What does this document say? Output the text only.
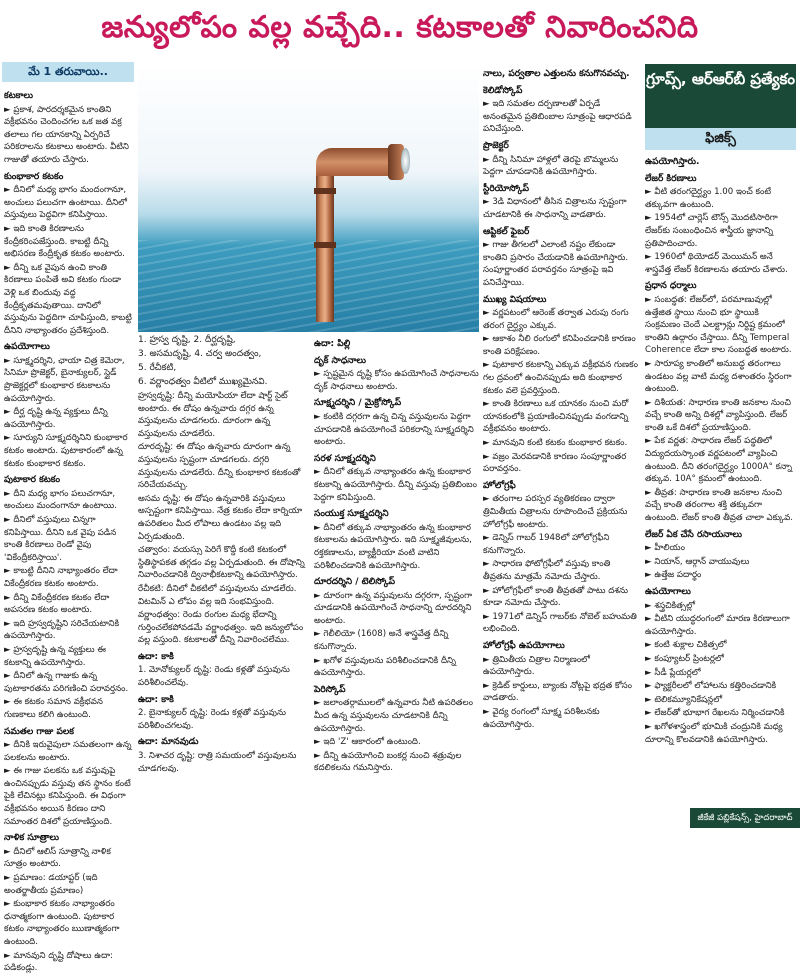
జన్యులోపం వల్ల వచ్చేది.. కటకాలతో నివారించనిది
మే 1 తరువాయి..
కటకాలు

► ప్రకాశ, పారదర్శకమైన కాంతిని వక్రీభవనం చెందించగల ఒక జత వక్ర తలాలు గల యానకాన్ని ఏర్పరిచే పరికరాలను కటకాలు అంటారు. వీటిని గాజుతో తయారు చేస్తారు.

కుంభాకార కటకం

► దీనిలో మధ్య భాగం మందంగానూ, అంచులు పలుచగా ఉంటాయి. దీనిలో వస్తువులు పెద్దవిగా కనిపిస్తాయి.

► ఇది కాంతి కిరణాలను కేంద్రీకరింపజేస్తుంది. కాబట్టి దీన్ని అభిసరణ కేంద్రీకృత కటకం అంటారు.

► దీన్ని ఒక వైపున ఉంచి కాంతి కిరణాలు పంపితే అవి కటకం గుండా వెళ్లి ఒక బిందువు వద్ద కేంద్రీకృతమవుతాయి. దానిలో వస్తువును పెద్దదిగా చూపిస్తుంది, కాబట్టి దీనిని నాభ్యాంతరం ప్రదేశిస్తుంది.

ఉపయోగాలు

► సూక్ష్మదర్శిని, ఛాయా చిత్ర కెమెరా, సినిమా ప్రొజెక్టర్, బైనాక్యులర్, స్లైడ్ ప్రొజెక్టర్లలో కుంభాకార కటకాలను ఉపయోగిస్తారు.

► దీర్ఘ దృష్టి ఉన్న వ్యక్తులు దీన్ని ఉపయోగిస్తారు.

► సూర్యుని సూక్ష్మదర్శినిని కుంభాకార కటకం అంటారు. పుటాకారంలో ఉన్న కటకం కుంభాకార కటకం.

పుటాకార కటకం

► దీని మధ్య భాగం పలుచగానూ, అంచులు మందంగానూ ఉంటాయి.

► దీనిలో వస్తువులు చిన్నగా కనిపిస్తాయి. దీనిని ఒక వైపు పడిన కాంతి కిరణాలు రెండో వైపు 'వికేంద్రీకరిస్తాయి'.

► కాబట్టి దీనిని నాభ్యాంతరం లేదా వికేంద్రీకరణ కటకం అంటారు.

► దీన్ని వికేంద్రీకరణ కటకం లేదా అపసరణ కటకం అంటారు.

► ఇది హ్రస్వదృష్టిని సరిచేయటానికి ఉపయోగిస్తారు.

► హ్రస్వదృష్టి ఉన్న వ్యక్తులు ఈ కటకాన్ని ఉపయోగిస్తారు.

► దీనిలో ఉన్న గాజుకు ఉన్న పుటాకారతను పరిగణించి పరావర్తనం.

► ఈ కటకం సమాన వక్రీభవన గుణకాలు కలిగి ఉంటుంది.

సమతల గాజు పలక

► దీనికి ఇరువైపులా సమతలంగా ఉన్న పలకలను అంటారు.

► ఈ గాజు పలకను ఒక వస్తువుపై ఉంచినప్పుడు వస్తువు తన స్థానం కంటే పైకి లేచినట్లు కనిపిస్తుంది. ఈ విధంగా వక్రీభవనం అయిన కిరణం దాని సమాంతర దిశలో ప్రయాణిస్తుంది.

నాళిక సూత్రాలు

► దీనిలో ఆలిస్ సూత్రాన్ని నాళిక సూత్రం అంటారు.

► ప్రమాణం: డయాప్టర్ (ఇది అంతర్జాతీయ ప్రమాణం)

► కుంభాకార కటకం నాభ్యాంతరం ధనాత్మకంగా ఉంటుంది. పుటాకార కటకం నాభ్యాంతరం ఋణాత్మకంగా ఉంటుంది.

► మానవుని దృష్టి దోషాలు ఉదా: పడికండ్లు.

1. హ్రస్వ దృష్టి, 2. దీర్ఘదృష్టి,

3. అసమదృష్టి, 4. చర్వ అందత్వం,

5. రేచీకటి,

6. వర్ణాంధత్వం వీటిలో ముఖ్యమైనవి.

హ్రస్వదృష్టి: దీన్ని మయోపియా లేదా షార్ట్ సైట్ అంటారు. ఈ దోషం ఉన్నవారు దగ్గర ఉన్న వస్తువులను చూడగలరు. దూరంగా ఉన్న వస్తువులను చూడలేరు.

దూరదృష్టి: ఈ దోషం ఉన్నవారు దూరంగా ఉన్న వస్తువులను స్పష్టంగా చూడగలరు. దగ్గరి వస్తువులను చూడలేరు. దీన్ని కుంభాకార కటకంతో సరిచేయవచ్చు.

అసమ దృష్టి: ఈ దోషం ఉన్నవారికి వస్తువులు అస్పష్టంగా కనిపిస్తాయి. నేత్ర కటకం లేదా కార్నియా ఉపరితలం మీద లోపాలు ఉండటం వల్ల ఇది ఏర్పడుతుంది.

చత్వారం: వయస్సు పెరిగే కొద్దీ కంటి కటకంలో స్థితిస్థాపకత తగ్గడం వల్ల ఏర్పడుతుంది. ఈ దోషాన్ని నివారించడానికి ద్వినాభీకటకాన్ని ఉపయోగిస్తారు.

రేచీకటి: దీనిలో చీకటిలో వస్తువులను చూడలేరు. విటమిన్ ఎ లోపం వల్ల ఇది సంభవిస్తుంది.

వర్ణాంధత్వం: రెండు రంగుల మధ్య భేదాన్ని గుర్తించలేకపోవడమే వర్ణాంధత్వం. ఇది జన్యులోపం వల్ల వస్తుంది. కటకాలతో దీన్ని నివారించలేము.

ఉదా: కాకి

1. మోనోక్యులర్ దృష్టి: రెండు కళ్లతో వస్తువును పరిశీలించలేవు.

ఉదా: కాకి

2. బైనాక్యులర్ దృష్టి: రెండు కళ్లతో వస్తువును పరిశీలించగలవు.

ఉదా: మానవుడు

3. నిశాచర దృష్టి: రాత్రి సమయంలో వస్తువులను చూడగలవు.

ఉదా: పిల్లి
దృక్ సాధనాలు

► స్పష్టమైన దృష్టి కోసం ఉపయోగించే సాధనాలను దృక్ సాధనాలు అంటారు.

సూక్ష్మదర్శిని / మైక్రోస్కోప్

► కంటికి దగ్గరగా ఉన్న చిన్న వస్తువులను పెద్దగా చూపడానికి ఉపయోగించే పరికరాన్ని సూక్ష్మదర్శిని అంటారు.

సరళ సూక్ష్మదర్శిని

► దీనిలో తక్కువ నాభ్యాంతరం ఉన్న కుంభాకార కటకాన్ని ఉపయోగిస్తారు. దీన్ని వస్తువు ప్రతిబింబం పెద్దగా కనిపిస్తుంది.

సంయుక్త సూక్ష్మదర్శిని

► దీనిలో తక్కువ నాభ్యాంతరం ఉన్న కుంభాకార కటకాలను ఉపయోగిస్తారు. ఇది సూక్ష్మజీవులను, రక్తకణాలను, బ్యాక్టీరియా వంటి వాటిని పరిశీలించడానికి ఉపయోగిస్తారు.

దూరదర్శిని / టెలిస్కోప్

► దూరంగా ఉన్న వస్తువులను దగ్గరగా, స్పష్టంగా చూడడానికి ఉపయోగించే సాధనాన్ని దూరదర్శిని అంటారు.

► గెలీలియో (1608) అనే శాస్త్రవేత్త దీన్ని కనుగొన్నారు.

► ఖగోళ వస్తువులను పరిశీలించడానికి దీన్ని ఉపయోగిస్తారు.

పెరిస్కోప్

► జలాంతర్గాములలో ఉన్నవారు నీటి ఉపరితలం మీద ఉన్న వస్తువులను చూడటానికి దీన్ని ఉపయోగిస్తారు.

► ఇది 'Z' ఆకారంలో ఉంటుంది.

► దీన్ని ఉపయోగించి బంకర్ల నుంచి శత్రువుల కదలికలను గమనిస్తారు.

నాలు, పర్వతాల ఎత్తులను కనుగొనవచ్చు.
కెలిడోస్కోప్

► ఇది సమతల దర్పణాలతో ఏర్పడే అనంతమైన ప్రతిబింబాల సూత్రంపై ఆధారపడి పనిచేస్తుంది.

ప్రొజెక్టర్

► దీన్ని సినిమా హాళ్లలో తెరపై బొమ్మలను పెద్దగా చూపడానికి ఉపయోగిస్తారు.

స్టీరియోస్కోప్

► 3డి విధానంలో తీసిన చిత్రాలను స్పష్టంగా చూడటానికి ఈ సాధనాన్ని వాడతారు.

ఆప్టికల్ ఫైబర్

► గాజు తీగలలో ఎలాంటి నష్టం లేకుండా కాంతిని ప్రసారం చేయడానికి ఉపయోగిస్తారు. సంపూర్ణాంతర పరావర్తనం సూత్రంపై ఇవి పనిచేస్తాయి.

ముఖ్య విషయాలు

► వర్ణపటంలో ఆరెంజ్ తర్వాత ఎరుపు రంగు తరంగ దైర్ఘ్యం ఎక్కువ.

► ఆకాశం నీలి రంగులో కనిపించడానికి కారణం కాంతి పరిక్షేపణం.

► పుటాకార కటకాన్ని ఎక్కువ వక్రీభవన గుణకం గల ద్రవంలో ఉంచినప్పుడు అది కుంభాకార కటకం వలె ప్రవర్తిస్తుంది.

► కాంతి కిరణాలు ఒక యానకం నుంచి మరో యానకంలోకి ప్రయాణించినప్పుడు వంగడాన్ని వక్రీభవనం అంటారు.

► మానవుని కంటి కటకం కుంభాకార కటకం.

► వజ్రం మెరవడానికి కారణం సంపూర్ణాంతర పరావర్తనం.

హోలోగ్రఫీ

► తరంగాల పరస్పర వ్యతికరణం ద్వారా త్రిమితీయ చిత్రాలను రూపొందించే ప్రక్రియను హోలోగ్రఫీ అంటారు.

► డెన్నిస్ గాబర్ 1948లో హోలోగ్రఫీని కనుగొన్నారు.

► సాధారణ ఫోటోగ్రఫీలో వస్తువు కాంతి తీవ్రతను మాత్రమే నమోదు చేస్తారు.

► హోలోగ్రఫీలో కాంతి తీవ్రతతో పాటు దశను కూడా నమోదు చేస్తారు.

► 1971లో డెన్నిస్ గాబర్‌కు నోబెల్ బహుమతి లభించింది.

హోలోగ్రఫీ ఉపయోగాలు

► త్రిమితీయ చిత్రాల నిర్మాణంలో ఉపయోగిస్తారు.

► క్రెడిట్ కార్డులు, బ్యాంకు నోట్లపై భద్రత కోసం వాడతారు.

► వైద్య రంగంలో సూక్ష్మ పరిశీలనకు ఉపయోగిస్తారు.

గ్రూప్స్, ఆర్‌ఆర్‌బీ ప్రత్యేకం
ఫిజిక్స్
ఉపయోగిస్తారు.
లేజర్ కిరణాలు

► వీటి తరంగదైర్ఘ్యం 1.00 ఇంచ్ కంటే తక్కువగా ఉంటుంది.

► 1954లో చార్లెస్ టౌన్స్ మొదటిసారిగా లేజర్‌కు సంబంధించిన శాస్త్రీయ జ్ఞానాన్ని ప్రతిపాదించారు.

► 1960లో థియోడర్ మెయిమన్ అనే శాస్త్రవేత్త లేజర్ కిరణాలను తయారు చేశారు.

ప్రధాన ధర్మాలు

► సంబద్ధత: లేజర్‌లో, పరమాణువుల్లో ఉత్తేజిత స్థాయి నుంచి భూ స్థాయికి సంక్రమణం చెందే ఎలక్ట్రాన్లు నిర్దిష్ట క్రమంలో కాంతిని ఉద్గారం చేస్తాయి. దీన్ని Temperal Coherence లేదా కాల సంబద్ధత అంటారు.

► సారూప్య కాంతిలో అనుబద్ధ తరంగాలు ఉండటం వల్ల వాటి మధ్య దశాంతరం స్థిరంగా ఉంటుంది.

► దిశీయత: సాధారణ కాంతి జనకాల నుంచి వచ్చే కాంతి అన్ని దిశల్లో వ్యాపిస్తుంది. లేజర్ కాంతి ఒకే దిశలో ప్రయాణిస్తుంది.

► పేక వర్ణత: సాధారణ లేజర్ పద్ధతిలో విద్యుదయస్కాంత వర్ణపటంలో వ్యాపించి ఉంటుంది. దీని తరంగదైర్ఘ్యం 1000A° కన్నా తక్కువ. 10A° క్రమంలో ఉంటుంది.

► తీవ్రత: సాధారణ కాంతి జనకాల నుంచి వచ్చే కాంతి తరంగాల శక్తి తక్కువగా ఉంటుంది. లేజర్ కాంతి తీవ్రత చాలా ఎక్కువ.

లేజర్ ఏక చేసే రసాయనాలు

► హీలియం

► నియాన్, ఆర్గాన్ వాయువులు

► ఉత్తేజ పదార్థం

ఉపయోగాలు

► శస్త్రచికిత్సల్లో

► వీటిని యుద్ధరంగంలో మారణ కిరణాలుగా ఉపయోగిస్తారు.

► కంటి శుక్లాల చికిత్సలో

► కంప్యూటర్ ప్రింటర్లలో

► సీడీ ప్లేయర్లలో

► ఫ్యాక్టరీలలో లోహాలను కత్తిరించడానికి

► టెలికమ్యూనికేషన్లలో

► లేజర్‌తో భూభాగ రేఖలను నిర్మించడానికి

► ఖగోళశాస్త్రంలో భూమికి చంద్రునికి మధ్య దూరాన్ని కొలవడానికి ఉపయోగిస్తారు.

జీకేజీ పబ్లికేషన్స్, హైదరాబాద్
